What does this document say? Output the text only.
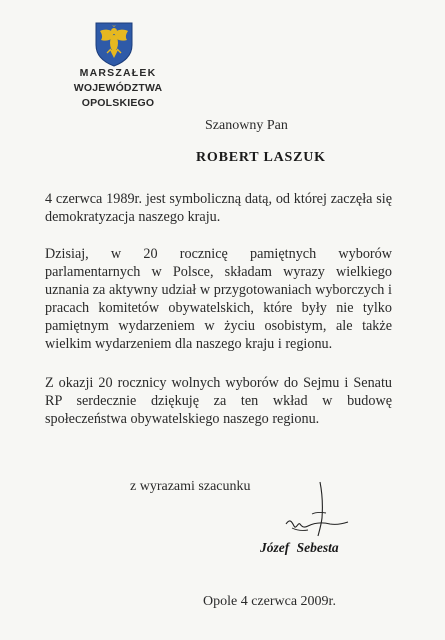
MARSZAŁEK
WOJEWÓDZTWA OPOLSKIEGO
Szanowny Pan
ROBERT LASZUK
4 czerwca 1989r. jest symboliczną datą, od której zaczęła się demokratyzacja naszego kraju.
Dzisiaj, w 20 rocznicę pamiętnych wyborów parlamentarnych w Polsce, składam wyrazy wielkiego uznania za aktywny udział w przygotowaniach wyborczych i pracach komitetów obywatelskich, które były nie tylko pamiętnym wydarzeniem w życiu osobistym, ale także wielkim wydarzeniem dla naszego kraju i regionu.
Z okazji 20 rocznicy wolnych wyborów do Sejmu i Senatu RP serdecznie dziękuję za ten wkład w budowę społeczeństwa obywatelskiego naszego regionu.
z wyrazami szacunku
Józef Sebesta
Opole 4 czerwca 2009r.
